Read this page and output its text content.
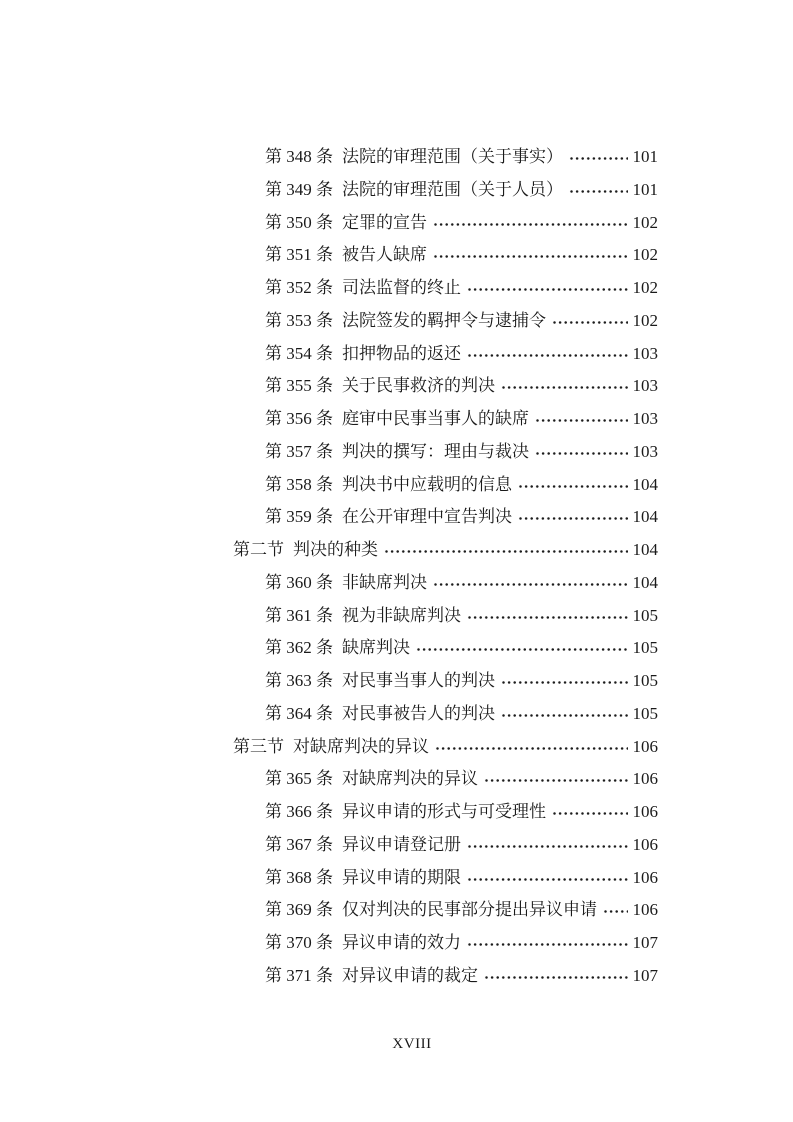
第 348 条 法院的审理范围（关于事实）	101
第 349 条 法院的审理范围（关于人员）	101
第 350 条 定罪的宣告	102
第 351 条 被告人缺席	102
第 352 条 司法监督的终止	102
第 353 条 法院签发的羁押令与逮捕令	102
第 354 条 扣押物品的返还	103
第 355 条 关于民事救济的判决	103
第 356 条 庭审中民事当事人的缺席	103
第 357 条 判决的撰写：理由与裁决	103
第 358 条 判决书中应载明的信息	104
第 359 条 在公开审理中宣告判决	104
第二节 判决的种类	104
第 360 条 非缺席判决	104
第 361 条 视为非缺席判决	105
第 362 条 缺席判决	105
第 363 条 对民事当事人的判决	105
第 364 条 对民事被告人的判决	105
第三节 对缺席判决的异议	106
第 365 条 对缺席判决的异议	106
第 366 条 异议申请的形式与可受理性	106
第 367 条 异议申请登记册	106
第 368 条 异议申请的期限	106
第 369 条 仅对判决的民事部分提出异议申请 106
第 370 条 异议申请的效力	107
第 371 条 对异议申请的裁定	107
XVIII
